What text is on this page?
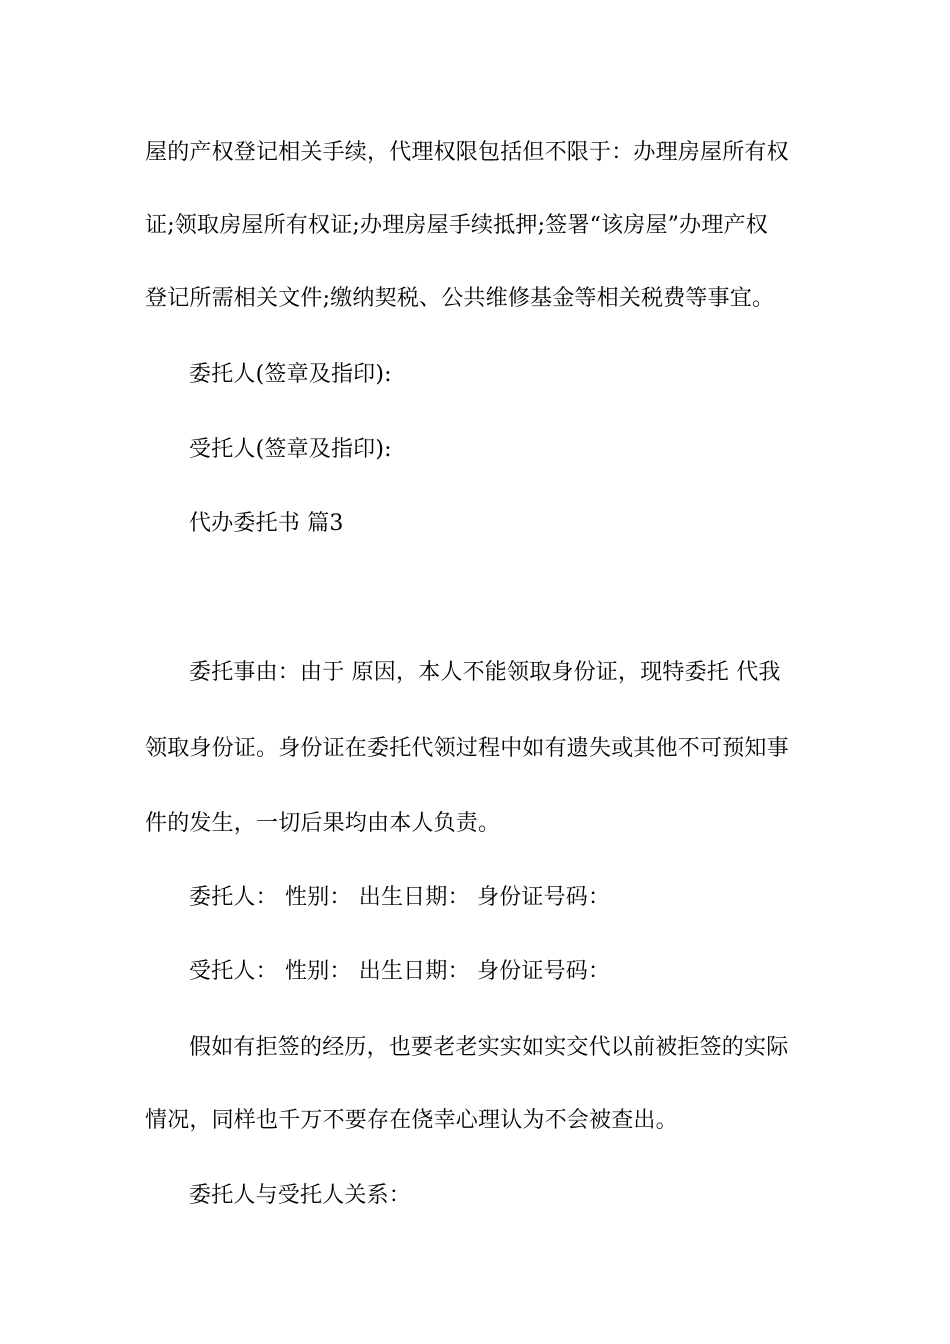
屋的产权登记相关手续，代理权限包括但不限于：办理房屋所有权
证;领取房屋所有权证;办理房屋手续抵押;签署“该房屋”办理产权
登记所需相关文件;缴纳契税、公共维修基金等相关税费等事宜。
委托人(签章及指印):
受托人(签章及指印):
代办委托书 篇3
委托事由：由于 原因，本人不能领取身份证，现特委托 代我
领取身份证。身份证在委托代领过程中如有遗失或其他不可预知事
件的发生，一切后果均由本人负责。
委托人： 性别： 出生日期： 身份证号码：
受托人： 性别： 出生日期： 身份证号码：
假如有拒签的经历，也要老老实实如实交代以前被拒签的实际
情况，同样也千万不要存在侥幸心理认为不会被查出。
委托人与受托人关系：
